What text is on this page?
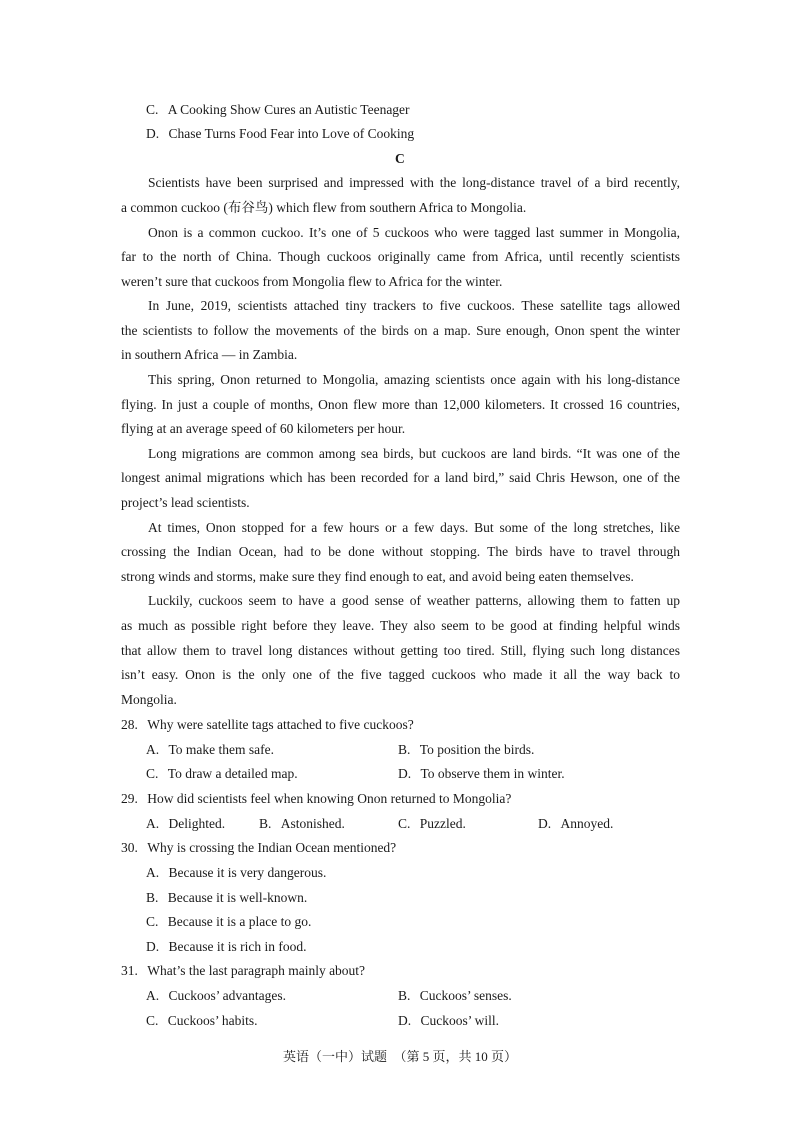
C. A Cooking Show Cures an Autistic Teenager
D. Chase Turns Food Fear into Love of Cooking
C
Scientists have been surprised and impressed with the long-distance travel of a bird recently,
a common cuckoo (布谷鸟) which flew from southern Africa to Mongolia.
Onon is a common cuckoo. It’s one of 5 cuckoos who were tagged last summer in Mongolia,
far to the north of China. Though cuckoos originally came from Africa, until recently scientists
weren’t sure that cuckoos from Mongolia flew to Africa for the winter.
In June, 2019, scientists attached tiny trackers to five cuckoos. These satellite tags allowed
the scientists to follow the movements of the birds on a map. Sure enough, Onon spent the winter
in southern Africa — in Zambia.
This spring, Onon returned to Mongolia, amazing scientists once again with his long-distance
flying. In just a couple of months, Onon flew more than 12,000 kilometers. It crossed 16 countries,
flying at an average speed of 60 kilometers per hour.
Long migrations are common among sea birds, but cuckoos are land birds. “It was one of the
longest animal migrations which has been recorded for a land bird,” said Chris Hewson, one of the
project’s lead scientists.
At times, Onon stopped for a few hours or a few days. But some of the long stretches, like
crossing the Indian Ocean, had to be done without stopping. The birds have to travel through
strong winds and storms, make sure they find enough to eat, and avoid being eaten themselves.
Luckily, cuckoos seem to have a good sense of weather patterns, allowing them to fatten up
as much as possible right before they leave. They also seem to be good at finding helpful winds
that allow them to travel long distances without getting too tired. Still, flying such long distances
isn’t easy. Onon is the only one of the five tagged cuckoos who made it all the way back to
Mongolia.
28. Why were satellite tags attached to five cuckoos?
A. To make them safe.	B. To position the birds.
C. To draw a detailed map.	D. To observe them in winter.
29. How did scientists feel when knowing Onon returned to Mongolia?
A. Delighted.	B. Astonished.	C. Puzzled.	D. Annoyed.
30. Why is crossing the Indian Ocean mentioned?
A. Because it is very dangerous.
B. Because it is well-known.
C. Because it is a place to go.
D. Because it is rich in food.
31. What’s the last paragraph mainly about?
A. Cuckoos’ advantages.	B. Cuckoos’ senses.
C. Cuckoos’ habits.	D. Cuckoos’ will.
英语（一中）试题　（第 5 页，共 10 页）
